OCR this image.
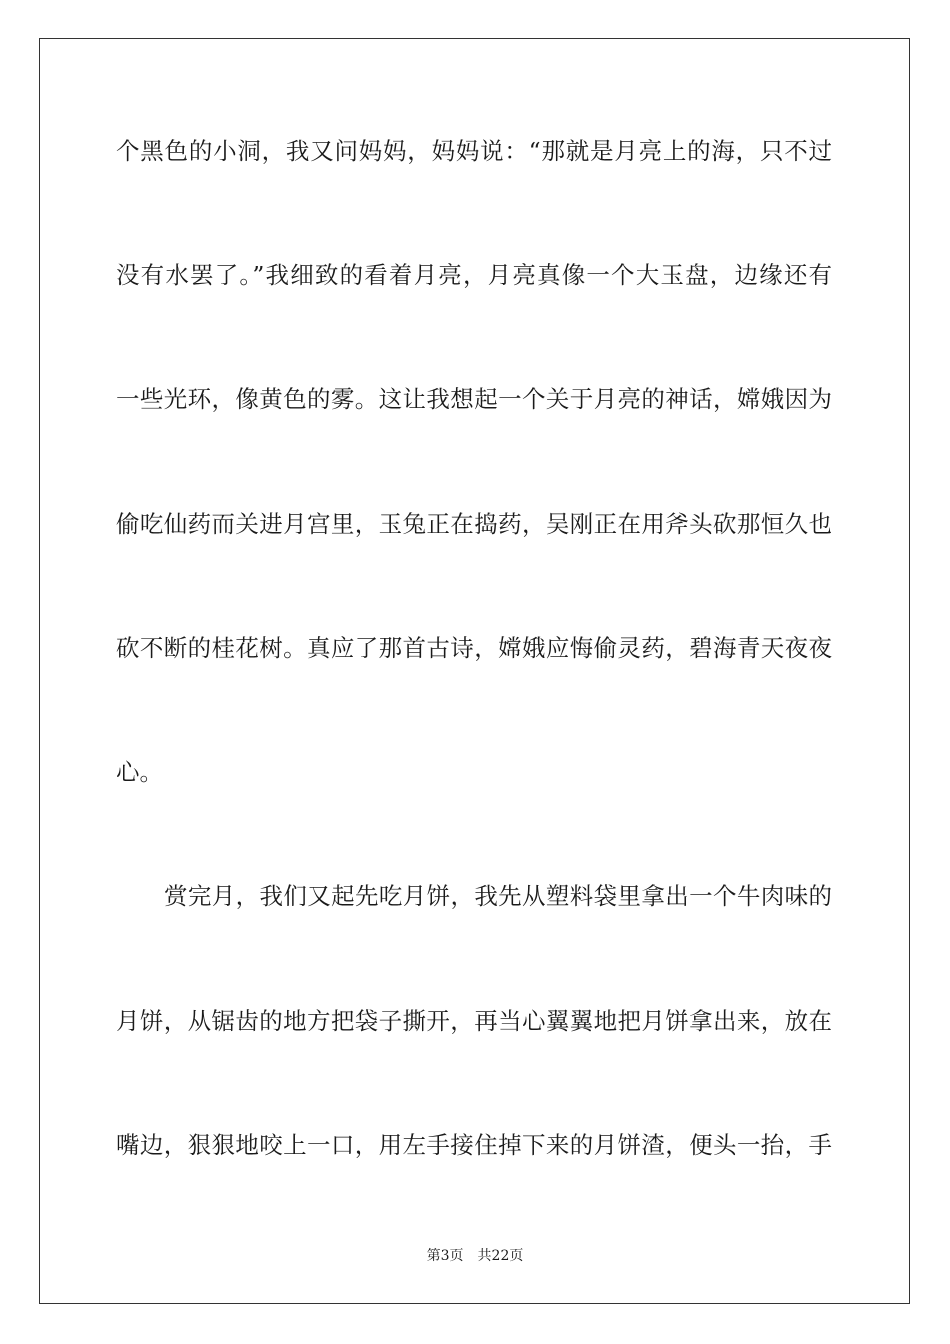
个黑色的小洞，我又问妈妈，妈妈说：“那就是月亮上的海，只不过
没有水罢了。”我细致的看着月亮，月亮真像一个大玉盘，边缘还有
一些光环，像黄色的雾。这让我想起一个关于月亮的神话，嫦娥因为
偷吃仙药而关进月宫里，玉兔正在捣药，吴刚正在用斧头砍那恒久也
砍不断的桂花树。真应了那首古诗，嫦娥应悔偷灵药，碧海青天夜夜
心。
赏完月，我们又起先吃月饼，我先从塑料袋里拿出一个牛肉味的
月饼，从锯齿的地方把袋子撕开，再当心翼翼地把月饼拿出来，放在
嘴边，狠狠地咬上一口，用左手接住掉下来的月饼渣，便头一抬，手
第3页 共22页
